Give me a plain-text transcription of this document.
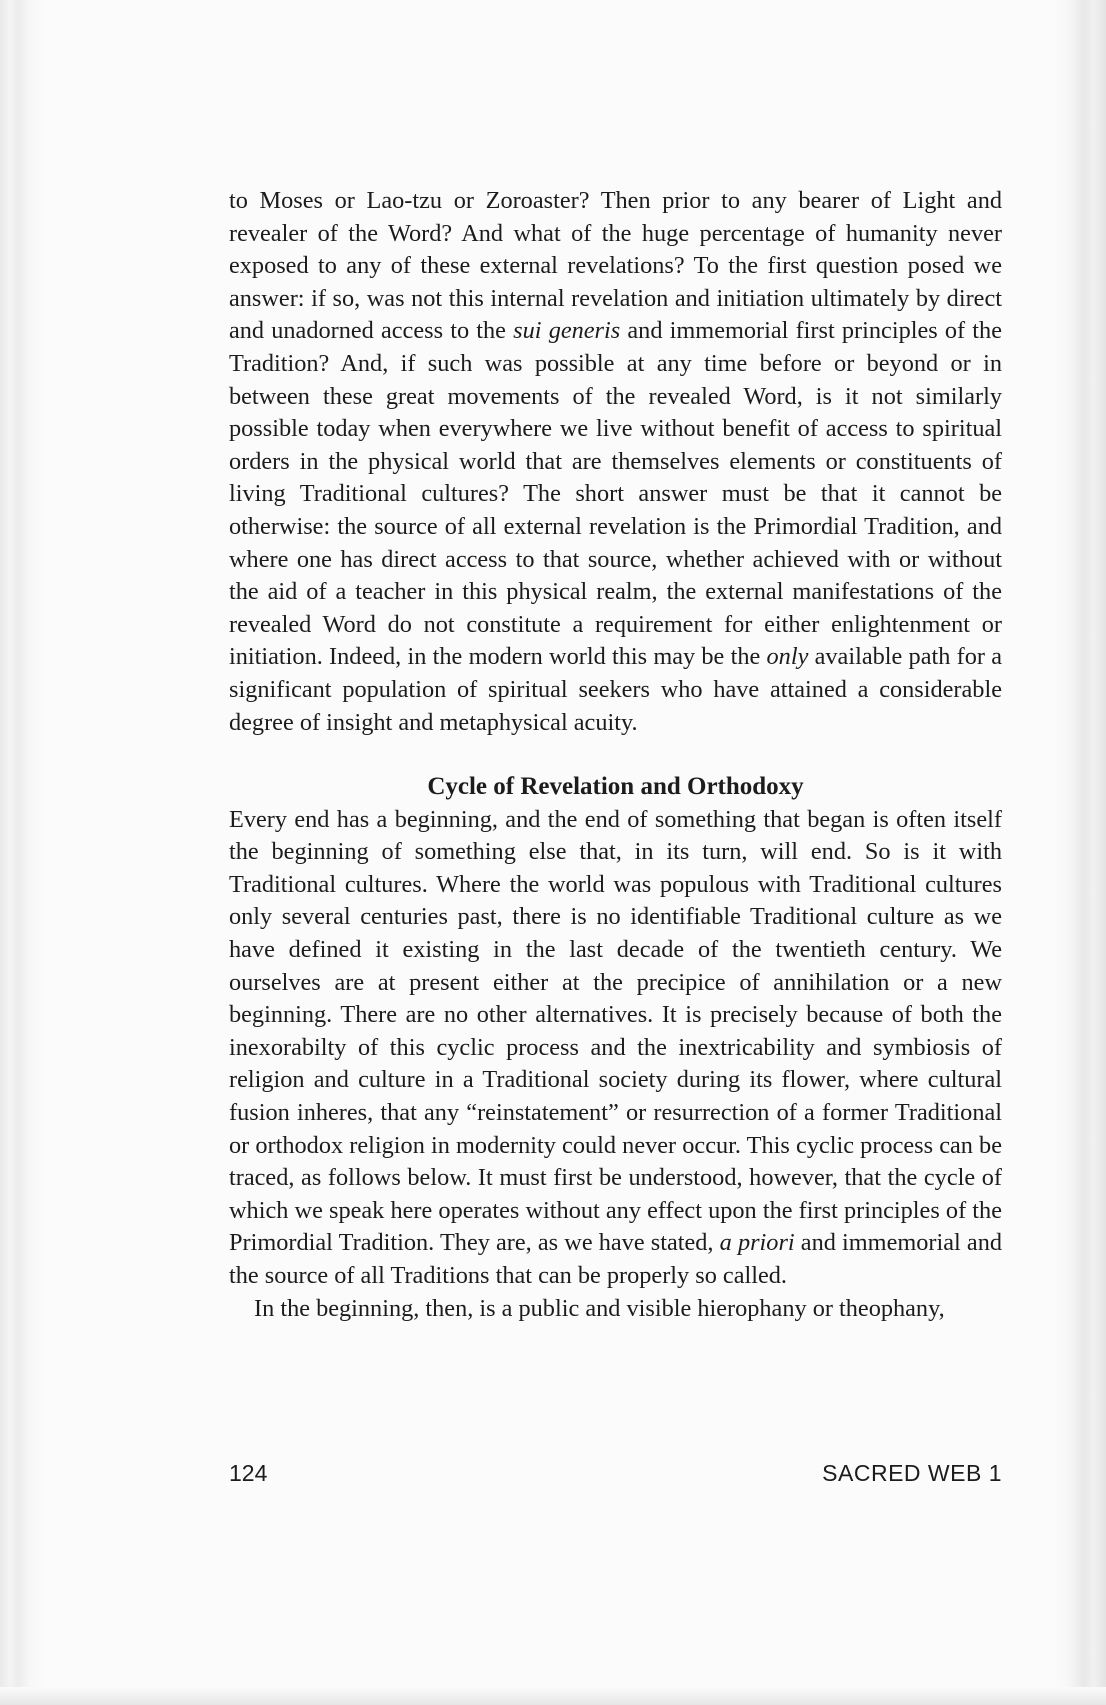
to Moses or Lao-tzu or Zoroaster? Then prior to any bearer of Light and revealer of the Word? And what of the huge percentage of humanity never exposed to any of these external revelations? To the first question posed we answer: if so, was not this internal revelation and initiation ultimately by direct and unadorned access to the sui generis and immemorial first principles of the Tradition? And, if such was possible at any time before or beyond or in between these great movements of the revealed Word, is it not similarly possible today when everywhere we live without benefit of access to spiritual orders in the physical world that are themselves elements or constituents of living Traditional cultures? The short answer must be that it cannot be otherwise: the source of all external revelation is the Primordial Tradition, and where one has direct access to that source, whether achieved with or without the aid of a teacher in this physical realm, the external manifestations of the revealed Word do not constitute a requirement for either enlightenment or initiation. Indeed, in the modern world this may be the only available path for a significant population of spiritual seekers who have attained a considerable degree of insight and metaphysical acuity.

Cycle of Revelation and Orthodoxy

Every end has a beginning, and the end of something that began is often itself the beginning of something else that, in its turn, will end. So is it with Traditional cultures. Where the world was populous with Traditional cultures only several centuries past, there is no identifiable Traditional culture as we have defined it existing in the last decade of the twentieth century. We ourselves are at present either at the precipice of annihilation or a new beginning. There are no other alternatives. It is precisely because of both the inexorabilty of this cyclic process and the inextricability and symbiosis of religion and culture in a Traditional society during its flower, where cultural fusion inheres, that any “reinstatement” or resurrection of a former Traditional or orthodox religion in modernity could never occur. This cyclic process can be traced, as follows below. It must first be understood, however, that the cycle of which we speak here operates without any effect upon the first principles of the Primordial Tradition. They are, as we have stated, a priori and immemorial and the source of all Traditions that can be properly so called.

In the beginning, then, is a public and visible hierophany or theophany,

124	SACRED WEB 1
